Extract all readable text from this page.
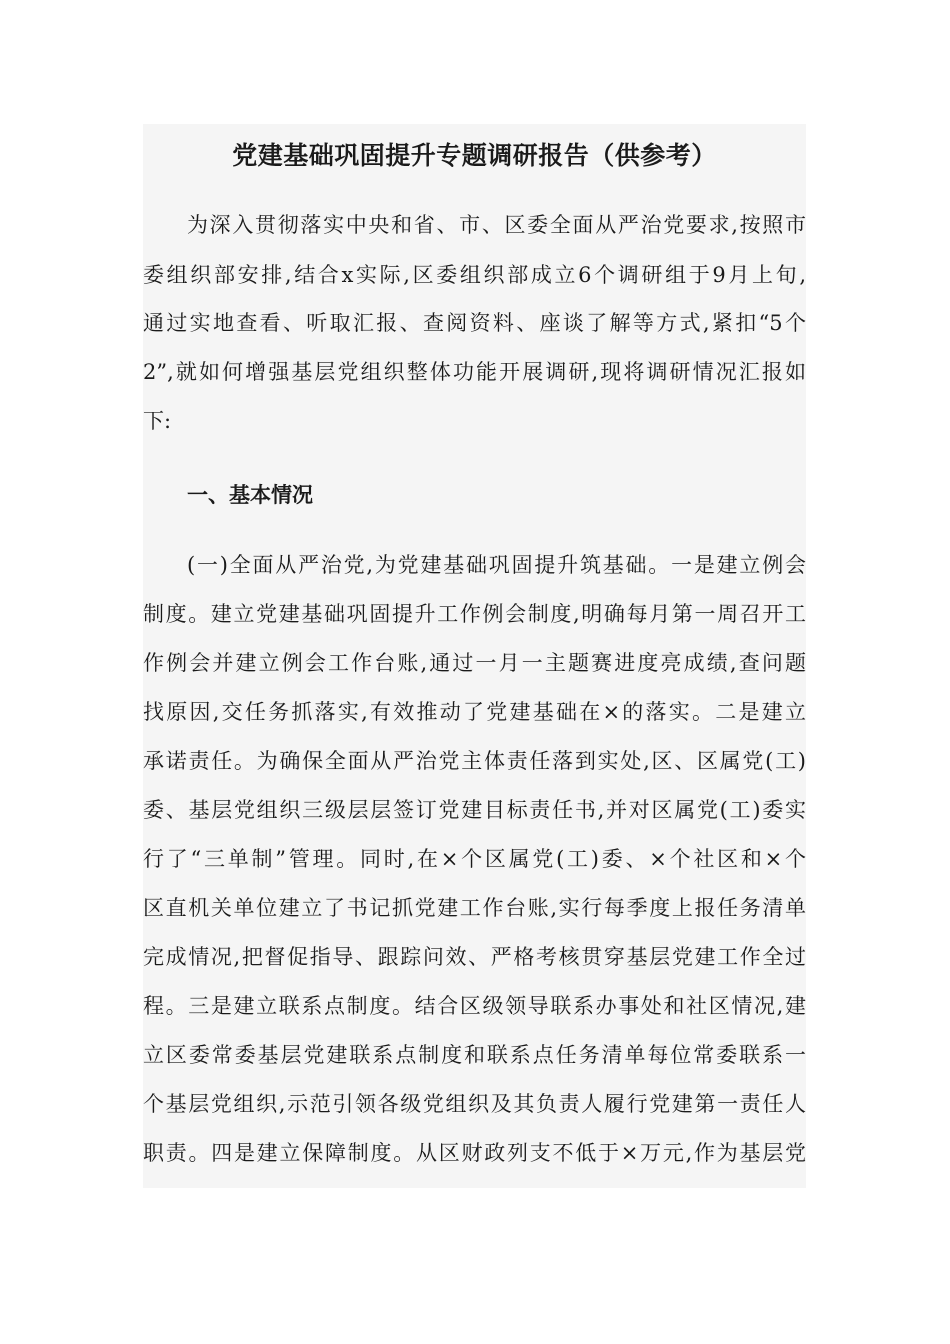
党建基础巩固提升专题调研报告（供参考）
为深入贯彻落实中央和省、市、区委全面从严治党要求,按照市
委组织部安排,结合x实际,区委组织部成立6个调研组于9月上旬,
通过实地查看、听取汇报、查阅资料、座谈了解等方式,紧扣“5个
2”,就如何增强基层党组织整体功能开展调研,现将调研情况汇报如
下:
一、基本情况
(一)全面从严治党,为党建基础巩固提升筑基础。一是建立例会
制度。建立党建基础巩固提升工作例会制度,明确每月第一周召开工
作例会并建立例会工作台账,通过一月一主题赛进度亮成绩,查问题
找原因,交任务抓落实,有效推动了党建基础在×的落实。二是建立
承诺责任。为确保全面从严治党主体责任落到实处,区、区属党(工)
委、基层党组织三级层层签订党建目标责任书,并对区属党(工)委实
行了“三单制”管理。同时,在×个区属党(工)委、×个社区和×个
区直机关单位建立了书记抓党建工作台账,实行每季度上报任务清单
完成情况,把督促指导、跟踪问效、严格考核贯穿基层党建工作全过
程。三是建立联系点制度。结合区级领导联系办事处和社区情况,建
立区委常委基层党建联系点制度和联系点任务清单每位常委联系一
个基层党组织,示范引领各级党组织及其负责人履行党建第一责任人
职责。四是建立保障制度。从区财政列支不低于×万元,作为基层党
